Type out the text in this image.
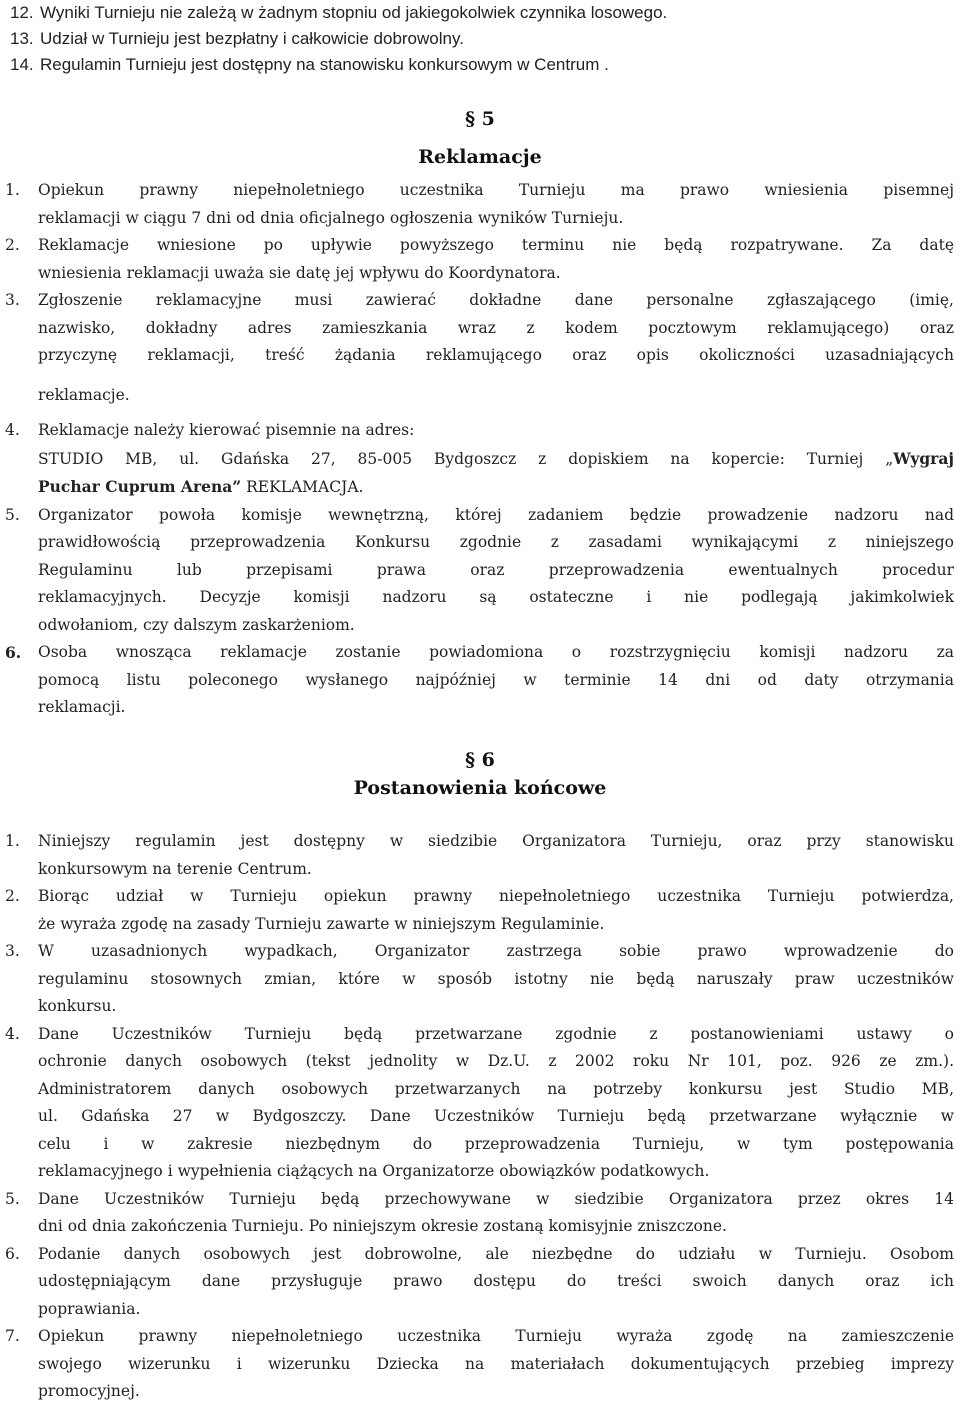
12. Wyniki Turnieju nie zależą w żadnym stopniu od jakiegokolwiek czynnika losowego.
13. Udział w Turnieju jest bezpłatny i całkowicie dobrowolny.
14. Regulamin Turnieju jest dostępny na stanowisku konkursowym w Centrum .
§ 5
Reklamacje
1. Opiekun prawny niepełnoletniego uczestnika Turnieju ma prawo wniesienia pisemnej
reklamacji w ciągu 7 dni od dnia oficjalnego ogłoszenia wyników Turnieju.
2. Reklamacje wniesione po upływie powyższego terminu nie będą rozpatrywane. Za datę
wniesienia reklamacji uważa sie datę jej wpływu do Koordynatora.
3. Zgłoszenie reklamacyjne musi zawierać dokładne dane personalne zgłaszającego (imię,
nazwisko, dokładny adres zamieszkania wraz z kodem pocztowym reklamującego) oraz
przyczynę reklamacji, treść żądania reklamującego oraz opis okoliczności uzasadniających
reklamacje.
4. Reklamacje należy kierować pisemnie na adres:
STUDIO MB, ul. Gdańska 27, 85-005 Bydgoszcz z dopiskiem na kopercie: Turniej „Wygraj
Puchar Cuprum Arena” REKLAMACJA.
5. Organizator powoła komisje wewnętrzną, której zadaniem będzie prowadzenie nadzoru nad
prawidłowością przeprowadzenia Konkursu zgodnie z zasadami wynikającymi z niniejszego
Regulaminu lub przepisami prawa oraz przeprowadzenia ewentualnych procedur
reklamacyjnych. Decyzje komisji nadzoru są ostateczne i nie podlegają jakimkolwiek
odwołaniom, czy dalszym zaskarżeniom.
6. Osoba wnosząca reklamacje zostanie powiadomiona o rozstrzygnięciu komisji nadzoru za
pomocą listu poleconego wysłanego najpóźniej w terminie 14 dni od daty otrzymania
reklamacji.
§ 6
Postanowienia końcowe
1. Niniejszy regulamin jest dostępny w siedzibie Organizatora Turnieju, oraz przy stanowisku
konkursowym na terenie Centrum.
2. Biorąc udział w Turnieju opiekun prawny niepełnoletniego uczestnika Turnieju potwierdza,
że wyraża zgodę na zasady Turnieju zawarte w niniejszym Regulaminie.
3. W uzasadnionych wypadkach, Organizator zastrzega sobie prawo wprowadzenie do
regulaminu stosownych zmian, które w sposób istotny nie będą naruszały praw uczestników
konkursu.
4. Dane Uczestników Turnieju będą przetwarzane zgodnie z postanowieniami ustawy o
ochronie danych osobowych (tekst jednolity w Dz.U. z 2002 roku Nr 101, poz. 926 ze zm.).
Administratorem danych osobowych przetwarzanych na potrzeby konkursu jest Studio MB,
ul. Gdańska 27 w Bydgoszczy. Dane Uczestników Turnieju będą przetwarzane wyłącznie w
celu i w zakresie niezbędnym do przeprowadzenia Turnieju, w tym postępowania
reklamacyjnego i wypełnienia ciążących na Organizatorze obowiązków podatkowych.
5. Dane Uczestników Turnieju będą przechowywane w siedzibie Organizatora przez okres 14
dni od dnia zakończenia Turnieju. Po niniejszym okresie zostaną komisyjnie zniszczone.
6. Podanie danych osobowych jest dobrowolne, ale niezbędne do udziału w Turnieju. Osobom
udostępniającym dane przysługuje prawo dostępu do treści swoich danych oraz ich
poprawiania.
7. Opiekun prawny niepełnoletniego uczestnika Turnieju wyraża zgodę na zamieszczenie
swojego wizerunku i wizerunku Dziecka na materiałach dokumentujących przebieg imprezy
promocyjnej.
